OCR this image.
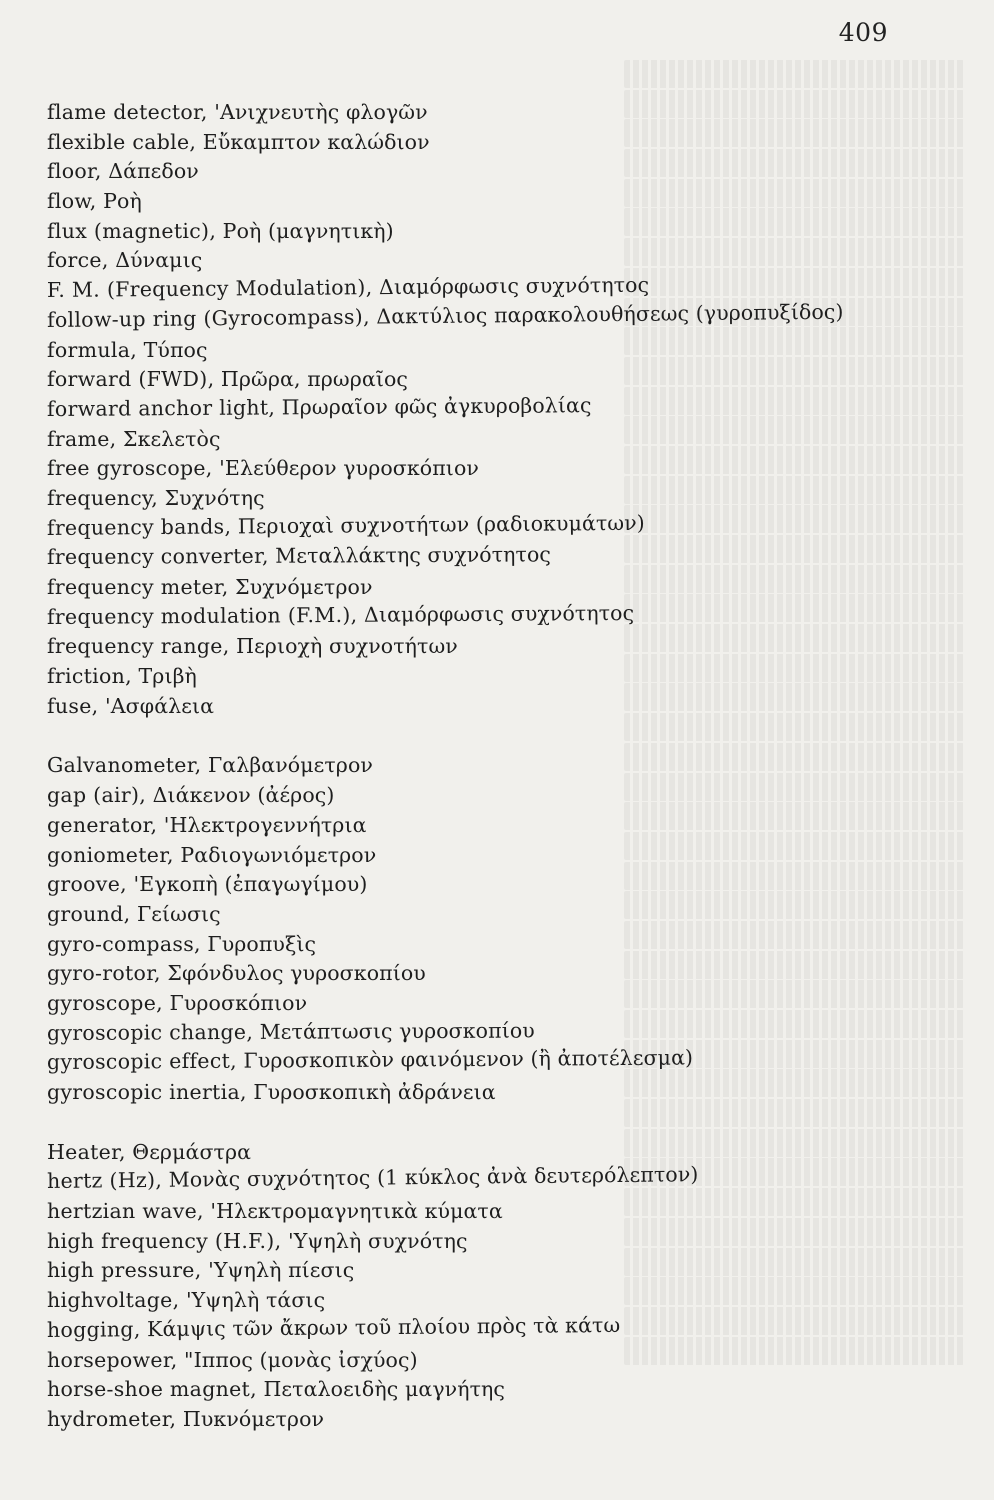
409
flame detector, 'Ανιχνευτὴς φλογῶν
flexible cable, Εὔκαμπτον καλώδιον
floor, Δάπεδον
flow, Ροὴ
flux (magnetic), Ροὴ (μαγνητικὴ)
force, Δύναμις
F. M. (Frequency Modulation), Διαμόρφωσις συχνότητος
follow-up ring (Gyrocompass), Δακτύλιος παρακολουθήσεως (γυροπυξίδος)
formula, Τύπος
forward (FWD), Πρῶρα, πρωραῖος
forward anchor light, Πρωραῖον φῶς ἀγκυροβολίας
frame, Σκελετὸς
free gyroscope, 'Ελεύθερον γυροσκόπιον
frequency, Συχνότης
frequency bands, Περιοχαὶ συχνοτήτων (ραδιοκυμάτων)
frequency converter, Μεταλλάκτης συχνότητος
frequency meter, Συχνόμετρον
frequency modulation (F.M.), Διαμόρφωσις συχνότητος
frequency range, Περιοχὴ συχνοτήτων
friction, Τριβὴ
fuse, 'Ασφάλεια
Galvanometer, Γαλβανόμετρον
gap (air), Διάκενον (ἀέρος)
generator, 'Ηλεκτρογεννήτρια
goniometer, Ραδιογωνιόμετρον
groove, 'Εγκοπὴ (ἐπαγωγίμου)
ground, Γείωσις
gyro-compass, Γυροπυξὶς
gyro-rotor, Σφόνδυλος γυροσκοπίου
gyroscope, Γυροσκόπιον
gyroscopic change, Μετάπτωσις γυροσκοπίου
gyroscopic effect, Γυροσκοπικὸν φαινόμενον (ἢ ἀποτέλεσμα)
gyroscopic inertia, Γυροσκοπικὴ ἀδράνεια
Heater, Θερμάστρα
hertz (Hz), Μονὰς συχνότητος (1 κύκλος ἀνὰ δευτερόλεπτον)
hertzian wave, 'Ηλεκτρομαγνητικὰ κύματα
high frequency (H.F.), 'Υψηλὴ συχνότης
high pressure, 'Υψηλὴ πίεσις
highvoltage, 'Υψηλὴ τάσις
hogging, Κάμψις τῶν ἄκρων τοῦ πλοίου πρὸς τὰ κάτω
horsepower, "Ιππος (μονὰς ἰσχύος)
horse-shoe magnet, Πεταλοειδὴς μαγνήτης
hydrometer, Πυκνόμετρον
